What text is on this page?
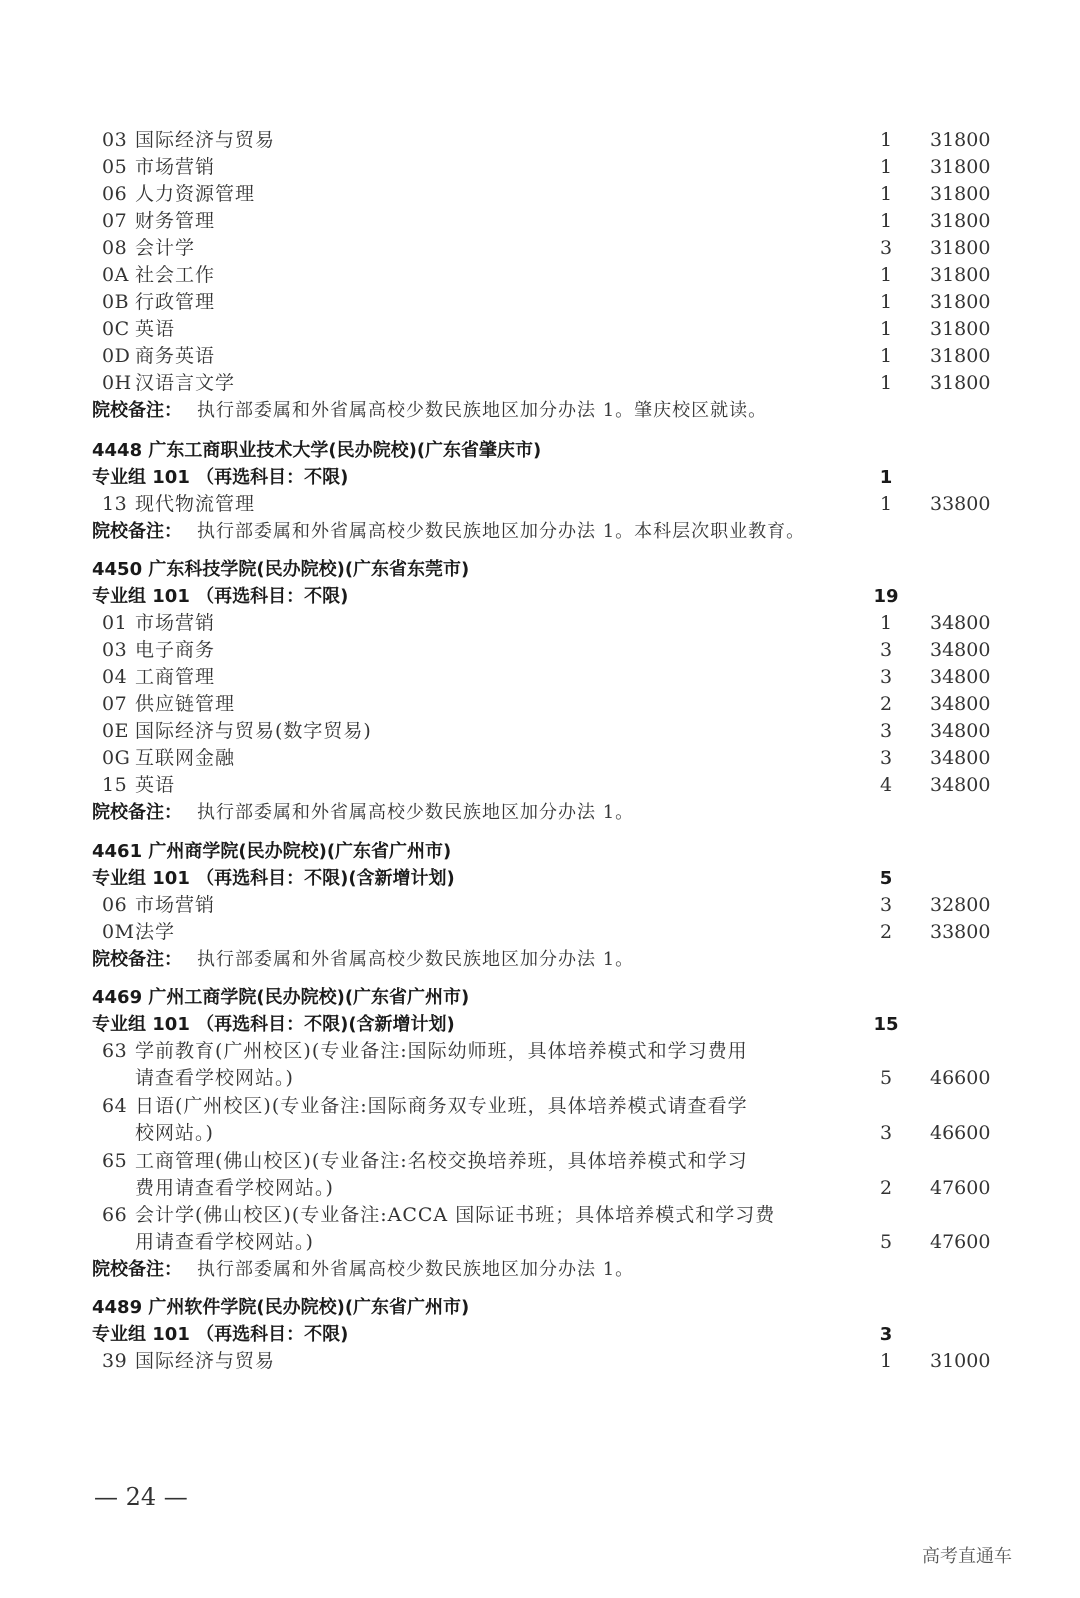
03 国际经济与贸易	1	31800
05 市场营销	1	31800
06 人力资源管理	1	31800
07 财务管理	1	31800
08 会计学	3	31800
0A 社会工作	1	31800
0B 行政管理	1	31800
0C 英语	1	31800
0D 商务英语	1	31800
0H 汉语言文学	1	31800
院校备注： 执行部委属和外省属高校少数民族地区加分办法 1。肇庆校区就读。
4448 广东工商职业技术大学(民办院校)(广东省肇庆市)
专业组 101 （再选科目：不限)	1
13 现代物流管理	1	33800
院校备注： 执行部委属和外省属高校少数民族地区加分办法 1。本科层次职业教育。
4450 广东科技学院(民办院校)(广东省东莞市)
专业组 101 （再选科目：不限)	19
01 市场营销	1	34800
03 电子商务	3	34800
04 工商管理	3	34800
07 供应链管理	2	34800
0E 国际经济与贸易(数字贸易)	3	34800
0G 互联网金融	3	34800
15 英语	4	34800
院校备注： 执行部委属和外省属高校少数民族地区加分办法 1。
4461 广州商学院(民办院校)(广东省广州市)
专业组 101 （再选科目：不限)(含新增计划)	5
06 市场营销	3	32800
0M 法学	2	33800
院校备注： 执行部委属和外省属高校少数民族地区加分办法 1。
4469 广州工商学院(民办院校)(广东省广州市)
专业组 101 （再选科目：不限)(含新增计划)	15
63 学前教育(广州校区)(专业备注:国际幼师班，具体培养模式和学习费用
请查看学校网站。)	5	46600
64 日语(广州校区)(专业备注:国际商务双专业班，具体培养模式请查看学
校网站。)	3	46600
65 工商管理(佛山校区)(专业备注:名校交换培养班，具体培养模式和学习
费用请查看学校网站。)	2	47600
66 会计学(佛山校区)(专业备注:ACCA 国际证书班；具体培养模式和学习费
用请查看学校网站。)	5	47600
院校备注： 执行部委属和外省属高校少数民族地区加分办法 1。
4489 广州软件学院(民办院校)(广东省广州市)
专业组 101 （再选科目：不限)	3
39 国际经济与贸易	1	31000
— 24 —
高考直通车
